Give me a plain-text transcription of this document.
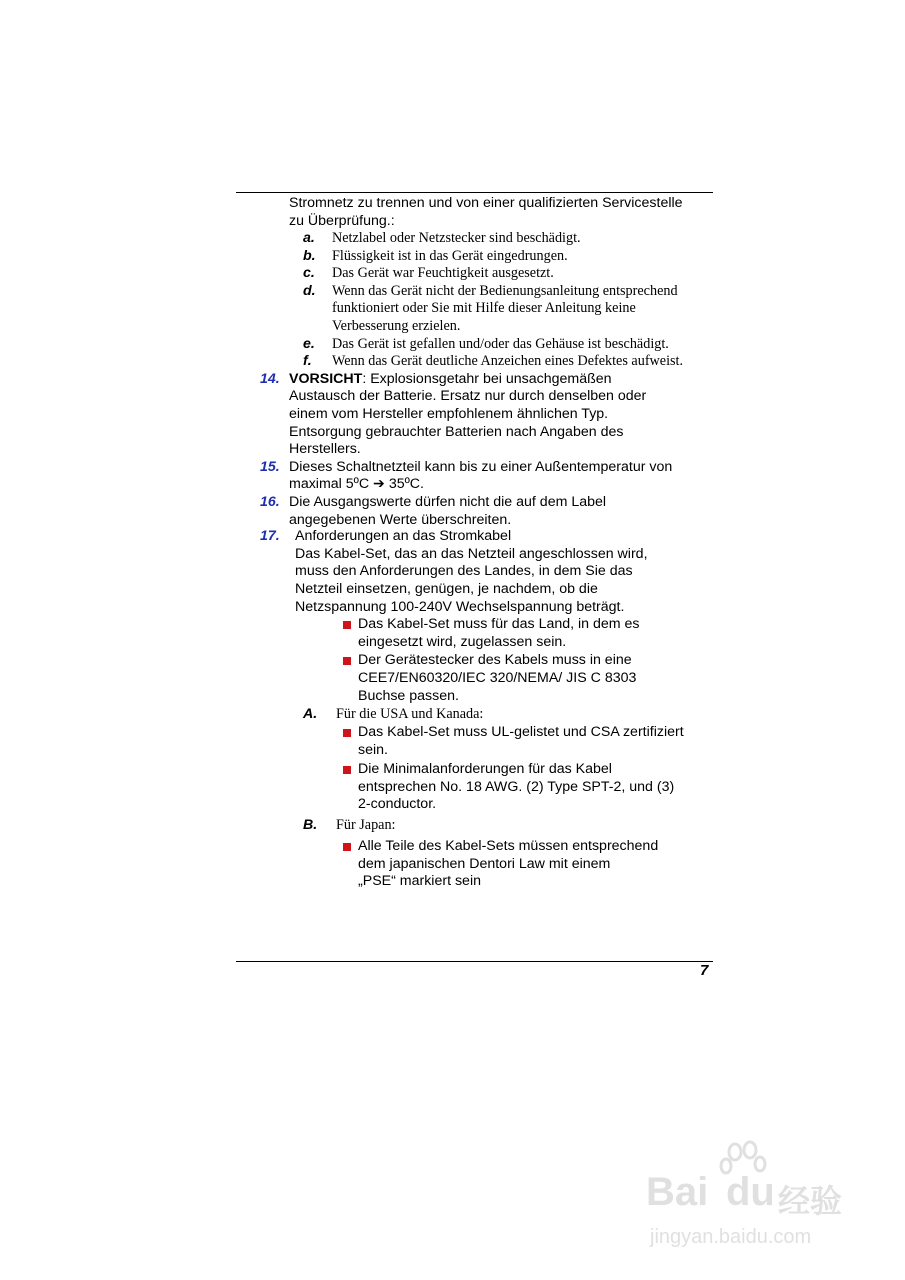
Stromnetz zu trennen und von einer qualifizierten Servicestelle
zu Überprüfung.:
a. Netzlabel oder Netzstecker sind beschädigt.
b. Flüssigkeit ist in das Gerät eingedrungen.
c. Das Gerät war Feuchtigkeit ausgesetzt.
d. Wenn das Gerät nicht der Bedienungsanleitung entsprechend
funktioniert oder Sie mit Hilfe dieser Anleitung keine
Verbesserung erzielen.
e. Das Gerät ist gefallen und/oder das Gehäuse ist beschädigt.
f. Wenn das Gerät deutliche Anzeichen eines Defektes aufweist.
14. VORSICHT: Explosionsgetahr bei unsachgemäßen
Austausch der Batterie. Ersatz nur durch denselben oder
einem vom Hersteller empfohlenem ähnlichen Typ.
Entsorgung gebrauchter Batterien nach Angaben des
Herstellers.
15. Dieses Schaltnetzteil kann bis zu einer Außentemperatur von
maximal 5ºC ➔ 35ºC.
16. Die Ausgangswerte dürfen nicht die auf dem Label
angegebenen Werte überschreiten.
17. Anforderungen an das Stromkabel
Das Kabel-Set, das an das Netzteil angeschlossen wird,
muss den Anforderungen des Landes, in dem Sie das
Netzteil einsetzen, genügen, je nachdem, ob die
Netzspannung 100-240V Wechselspannung beträgt.
Das Kabel-Set muss für das Land, in dem es
eingesetzt wird, zugelassen sein.
Der Gerätestecker des Kabels muss in eine
CEE7/EN60320/IEC 320/NEMA/ JIS C 8303
Buchse passen.
A. Für die USA und Kanada:
Das Kabel-Set muss UL-gelistet und CSA zertifiziert
sein.
Die Minimalanforderungen für das Kabel
entsprechen No. 18 AWG. (2) Type SPT-2, und (3)
2-conductor.
B. Für Japan:
Alle Teile des Kabel-Sets müssen entsprechend
dem japanischen Dentori Law mit einem
„PSE“ markiert sein
7
Bai du 经验
jingyan.baidu.com
